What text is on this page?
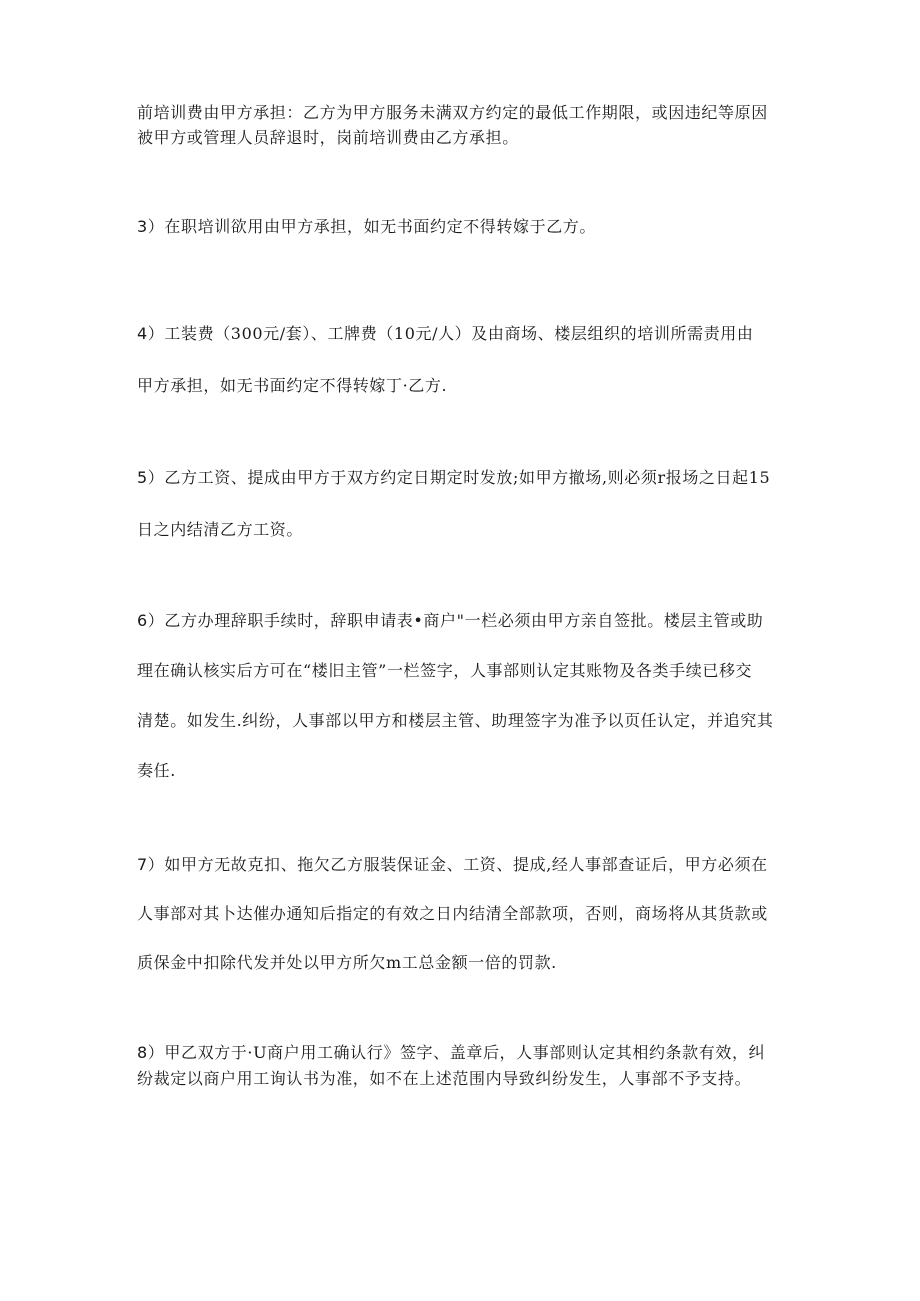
前培训费由甲方承担：乙方为甲方服务未满双方约定的最低工作期限，或因违纪等原因
被甲方或管理人员辞退时，岗前培训费由乙方承担。

3）在职培训欲用由甲方承担，如无书面约定不得转嫁于乙方。

4）工装费（300元/套）、工牌费（10元/人）及由商场、楼层组织的培训所需责用由
甲方承担，如无书面约定不得转嫁丁·乙方.

5）乙方工资、提成由甲方于双方约定日期定时发放;如甲方撤场,则必须r报场之日起15
日之内结清乙方工资。

6）乙方办理辞职手续时，辞职申请表•商户"一栏必须由甲方亲自签批。楼层主管或助
理在确认核实后方可在“楼旧主管”一栏签字，人事部则认定其账物及各类手续已移交
清楚。如发生.纠纷，人事部以甲方和楼层主管、助理签字为准予以页任认定，并追究其
奏任.

7）如甲方无故克扣、拖欠乙方服装保证金、工资、提成,经人事部查证后，甲方必须在
人事部对其卜达催办通知后指定的有效之日内结清全部款项，否则，商场将从其货款或
质保金中扣除代发并处以甲方所欠m工总金额一倍的罚款.

8）甲乙双方于·U商户用工确认行》签字、盖章后，人事部则认定其相约条款有效，纠
纷裁定以商户用工询认书为准，如不在上述范围内导致纠纷发生，人事部不予支持。
